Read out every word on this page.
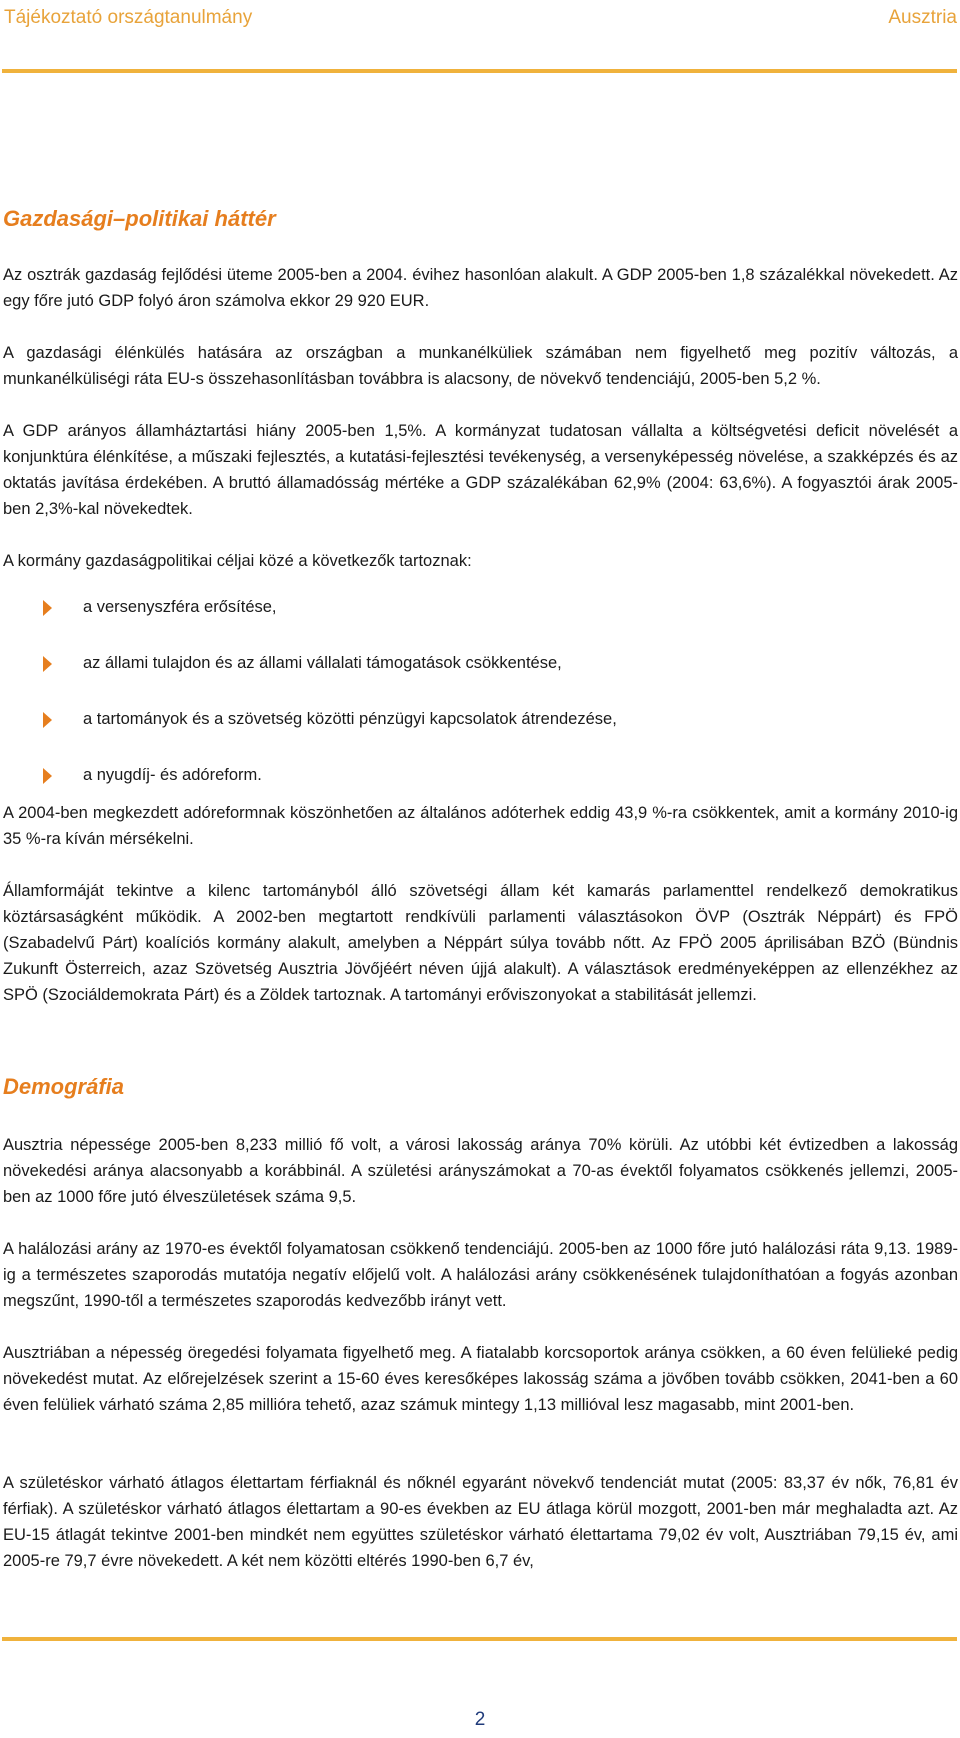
Tájékoztató országtanulmány	Ausztria
Gazdasági–politikai háttér

Az osztrák gazdaság fejlődési üteme 2005-ben a 2004. évihez hasonlóan alakult. A GDP 2005-ben 1,8 százalékkal növekedett. Az egy főre jutó GDP folyó áron számolva ekkor 29 920 EUR.

A gazdasági élénkülés hatására az országban a munkanélküliek számában nem figyelhető meg pozitív változás, a munkanélküliségi ráta EU-s összehasonlításban továbbra is alacsony, de növekvő tendenciájú, 2005-ben 5,2 %.

A GDP arányos államháztartási hiány 2005-ben 1,5%. A kormányzat tudatosan vállalta a költségvetési deficit növelését a konjunktúra élénkítése, a műszaki fejlesztés, a kutatási-fejlesztési tevékenység, a versenyképesség növelése, a szakképzés és az oktatás javítása érdekében. A bruttó államadósság mértéke a GDP százalékában 62,9% (2004: 63,6%). A fogyasztói árak 2005-ben 2,3%-kal növekedtek.

A kormány gazdaságpolitikai céljai közé a következők tartoznak:

a versenyszféra erősítése,
az állami tulajdon és az állami vállalati támogatások csökkentése,
a tartományok és a szövetség közötti pénzügyi kapcsolatok átrendezése,
a nyugdíj- és adóreform.

A 2004-ben megkezdett adóreformnak köszönhetően az általános adóterhek eddig 43,9 %-ra csökkentek, amit a kormány 2010-ig 35 %-ra kíván mérsékelni.

Államformáját tekintve a kilenc tartományból álló szövetségi állam két kamarás parlamenttel rendelkező demokratikus köztársaságként működik. A 2002-ben megtartott rendkívüli parlamenti választásokon ÖVP (Osztrák Néppárt) és FPÖ (Szabadelvű Párt) koalíciós kormány alakult, amelyben a Néppárt súlya tovább nőtt. Az FPÖ 2005 áprilisában BZÖ (Bündnis Zukunft Österreich, azaz Szövetség Ausztria Jövőjéért néven újjá alakult). A választások eredményeképpen az ellenzékhez az SPÖ (Szociáldemokrata Párt) és a Zöldek tartoznak. A tartományi erőviszonyokat a stabilitását jellemzi.

Demográfia

Ausztria népessége 2005-ben 8,233 millió fő volt, a városi lakosság aránya 70% körüli. Az utóbbi két évtizedben a lakosság növekedési aránya alacsonyabb a korábbinál. A születési arányszámokat a 70-as évektől folyamatos csökkenés jellemzi, 2005-ben az 1000 főre jutó élveszületések száma 9,5.

A halálozási arány az 1970-es évektől folyamatosan csökkenő tendenciájú. 2005-ben az 1000 főre jutó halálozási ráta 9,13. 1989-ig a természetes szaporodás mutatója negatív előjelű volt. A halálozási arány csökkenésének tulajdoníthatóan a fogyás azonban megszűnt, 1990-től a természetes szaporodás kedvezőbb irányt vett.

Ausztriában a népesség öregedési folyamata figyelhető meg. A fiatalabb korcsoportok aránya csökken, a 60 éven felülieké pedig növekedést mutat. Az előrejelzések szerint a 15-60 éves keresőképes lakosság száma a jövőben tovább csökken, 2041-ben a 60 éven felüliek várható száma 2,85 millióra tehető, azaz számuk mintegy 1,13 millióval lesz magasabb, mint 2001-ben.

A születéskor várható átlagos élettartam férfiaknál és nőknél egyaránt növekvő tendenciát mutat (2005: 83,37 év nők, 76,81 év férfiak). A születéskor várható átlagos élettartam a 90-es években az EU átlaga körül mozgott, 2001-ben már meghaladta azt. Az EU-15 átlagát tekintve 2001-ben mindkét nem együttes születéskor várható élettartama 79,02 év volt, Ausztriában 79,15 év, ami 2005-re 79,7 évre növekedett. A két nem közötti eltérés 1990-ben 6,7 év,

2
